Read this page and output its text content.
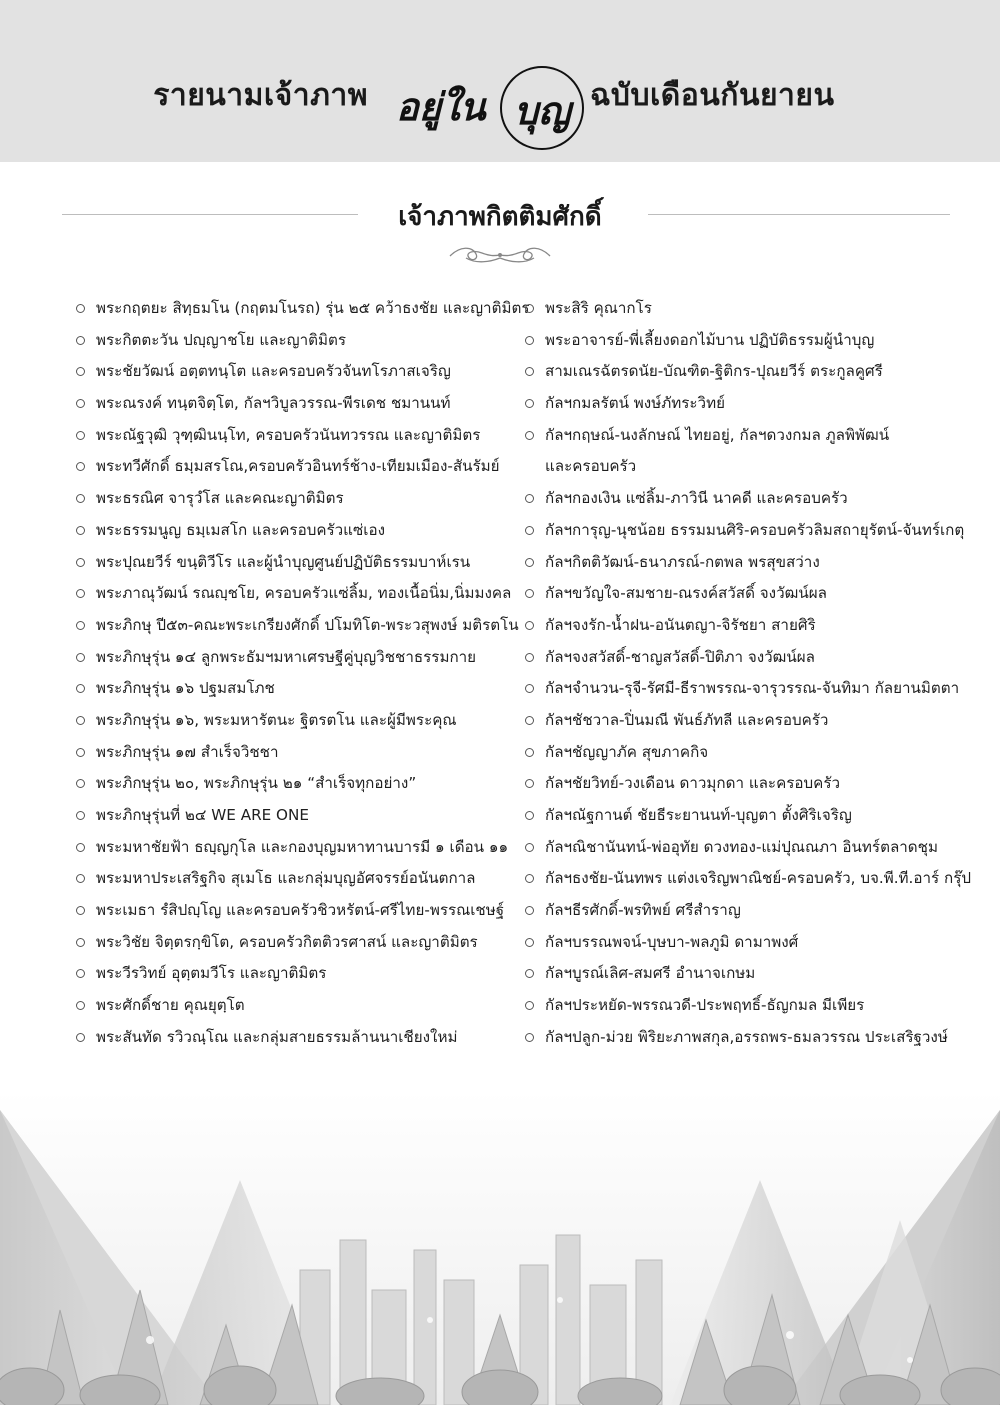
รายนามเจ้าภาพ อยู่ใน บุญ ฉบับเดือนกันยายน
เจ้าภาพกิตติมศักดิ์
พระกฤตยะ สิทฺธมโน (กฤตมโนรถ) รุ่น ๒๕ คว้าธงชัย และญาติมิตร
พระกิตตะวัน ปญฺญาชโย และญาติมิตร
พระชัยวัฒน์ อตฺตทนฺโต และครอบครัวจันทโรภาสเจริญ
พระณรงค์ ทนฺตจิตฺโต, กัลฯวิบูลวรรณ-พีรเดช ชมานนท์
พระณัฐวุฒิ วุฑฺฒินนฺโท, ครอบครัวนันทวรรณ และญาติมิตร
พระทวีศักดิ์ ธมฺมสรโณ,ครอบครัวอินทร์ช้าง-เทียมเมือง-สันรัมย์
พระธรณิศ จารุวํโส และคณะญาติมิตร
พระธรรมนูญ ธมฺเมสโก และครอบครัวแซ่เอง
พระปุณยวีร์ ขนฺติวีโร และผู้นำบุญศูนย์ปฏิบัติธรรมบาห์เรน
พระภาณุวัฒน์ รณญฺชโย, ครอบครัวแซ่ลิ้ม, ทองเนื้อนิ่ม,นิ่มมงคล
พระภิกษุ ปี๕๓-คณะพระเกรียงศักดิ์ ปโมทิโต-พระวสุพงษ์ มติรตโน
พระภิกษุรุ่น ๑๔ ลูกพระธัมฯมหาเศรษฐีคู่บุญวิชชาธรรมกาย
พระภิกษุรุ่น ๑๖ ปฐมสมโภช
พระภิกษุรุ่น ๑๖, พระมหารัตนะ ฐิตรตโน และผู้มีพระคุณ
พระภิกษุรุ่น ๑๗ สำเร็จวิชชา
พระภิกษุรุ่น ๒๐, พระภิกษุรุ่น ๒๑ “สำเร็จทุกอย่าง”
พระภิกษุรุ่นที่ ๒๔ WE ARE ONE
พระมหาชัยฟ้า ธญฺญกุโล และกองบุญมหาทานบารมี ๑ เดือน ๑๑
พระมหาประเสริฐกิจ สุเมโธ และกลุ่มบุญอัศจรรย์อนันตกาล
พระเมธา รํสิปญฺโญ และครอบครัวชิวหรัตน์-ศรีไทย-พรรณเชษฐ์
พระวิชัย จิตฺตรกฺขิโต, ครอบครัวกิตติวรศาสน์ และญาติมิตร
พระวีรวิทย์ อุตฺตมวีโร และญาติมิตร
พระศักดิ์ชาย คุณยุตฺโต
พระสันทัด รวิวณฺโณ และกลุ่มสายธรรมล้านนาเชียงใหม่
พระสิริ คุณากโร
พระอาจารย์-พี่เลี้ยงดอกไม้บาน ปฏิบัติธรรมผู้นำบุญ
สามเณรฉัตรดนัย-บัณฑิต-ฐิติกร-ปุณยวีร์ ตระกูลคูศรี
กัลฯกมลรัตน์ พงษ์ภัทระวิทย์
กัลฯกฤษณ์-นงลักษณ์ ไทยอยู่, กัลฯดวงกมล ภูลพิพัฒน์
และครอบครัว
กัลฯกองเงิน แซ่ลิ้ม-ภาวินี นาคดี และครอบครัว
กัลฯการุญ-นุชน้อย ธรรมมนศิริ-ครอบครัวลิมสถายุรัตน์-จันทร์เกตุ
กัลฯกิตติวัฒน์-ธนาภรณ์-กตพล พรสุขสว่าง
กัลฯขวัญใจ-สมชาย-ณรงค์สวัสดิ์ จงวัฒน์ผล
กัลฯจงรัก-น้ำฝน-อนันตญา-จิรัชยา สายศิริ
กัลฯจงสวัสดิ์-ชาญสวัสดิ์-ปิติภา จงวัฒน์ผล
กัลฯจำนวน-รุจี-รัศมี-ธีราพรรณ-จารุวรรณ-จันทิมา กัลยานมิตตา
กัลฯชัชวาล-ปิ่นมณี พันธ์ภัทลี และครอบครัว
กัลฯชัญญาภัค สุขภาคกิจ
กัลฯชัยวิทย์-วงเดือน ดาวมุกดา และครอบครัว
กัลฯณัฐกานต์ ชัยธีระยานนท์-บุญตา ตั้งศิริเจริญ
กัลฯณิชานันทน์-พ่ออุทัย ดวงทอง-แม่ปุณณภา อินทร์ตลาดชุม
กัลฯธงชัย-นันทพร แต่งเจริญพาณิชย์-ครอบครัว, บจ.พี.ที.อาร์ กรุ๊ป
กัลฯธีรศักดิ์-พรทิพย์ ศรีสำราญ
กัลฯบรรณพจน์-บุษบา-พลภูมิ ดามาพงศ์
กัลฯบูรณ์เลิศ-สมศรี อำนาจเกษม
กัลฯประหยัด-พรรณวดี-ประพฤทธิ์-ธัญกมล มีเพียร
กัลฯปลูก-ม่วย พิริยะภาพสกุล,อรรถพร-ธมลวรรณ ประเสริฐวงษ์
